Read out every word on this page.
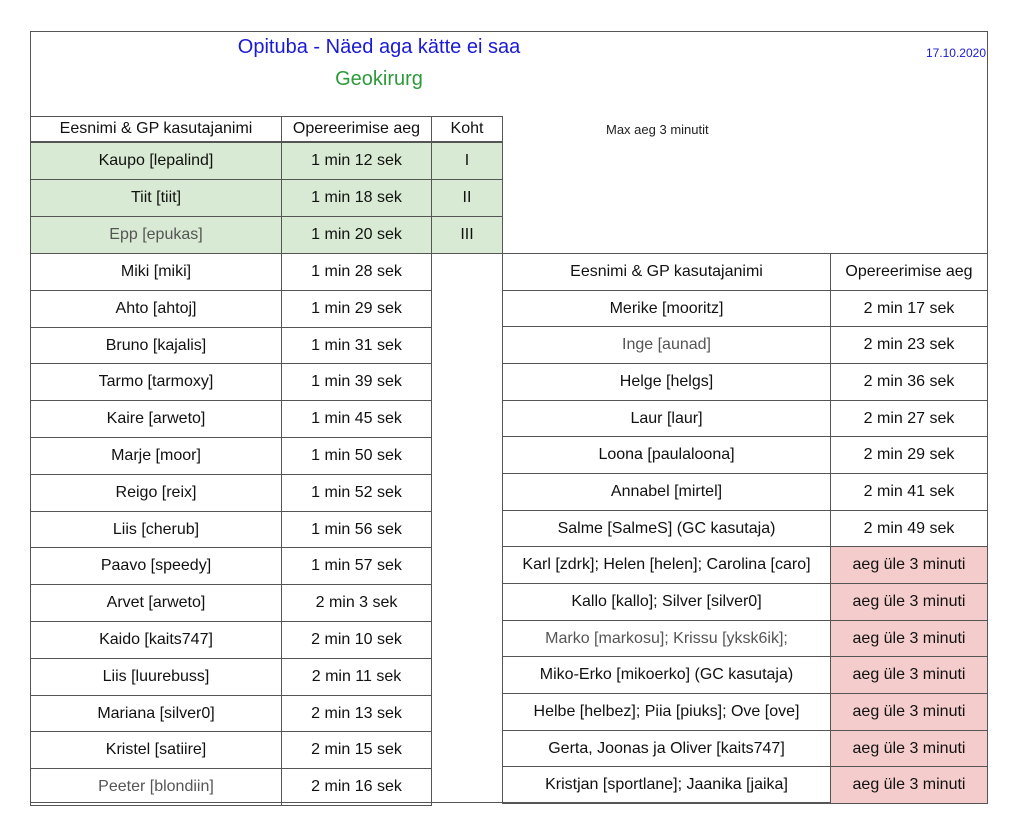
Opituba - Näed aga kätte ei saa
Geokirurg
17.10.2020
Max aeg 3 minutit
Eesnimi & GP kasutajanimi	Opereerimise aeg	Koht
Kaupo [lepalind]	1 min 12 sek	I
Tiit [tiit]	1 min 18 sek	II
Epp [epukas]	1 min 20 sek	III
Miki [miki]	1 min 28 sek
Ahto [ahtoj]	1 min 29 sek
Bruno [kajalis]	1 min 31 sek
Tarmo [tarmoxy]	1 min 39 sek
Kaire [arweto]	1 min 45 sek
Marje [moor]	1 min 50 sek
Reigo [reix]	1 min 52 sek
Liis [cherub]	1 min 56 sek
Paavo [speedy]	1 min 57 sek
Arvet [arweto]	2 min 3 sek
Kaido [kaits747]	2 min 10 sek
Liis [luurebuss]	2 min 11 sek
Mariana [silver0]	2 min 13 sek
Kristel [satiire]	2 min 15 sek
Peeter [blondiin]	2 min 16 sek
Eesnimi & GP kasutajanimi	Opereerimise aeg
Merike [mooritz]	2 min 17 sek
Inge [aunad]	2 min 23 sek
Helge [helgs]	2 min 36 sek
Laur [laur]	2 min 27 sek
Loona [paulaloona]	2 min 29 sek
Annabel [mirtel]	2 min 41 sek
Salme [SalmeS] (GC kasutaja)	2 min 49 sek
Karl [zdrk]; Helen [helen]; Carolina [caro]	aeg üle 3 minuti
Kallo [kallo]; Silver [silver0]	aeg üle 3 minuti
Marko [markosu]; Krissu [yksk6ik];	aeg üle 3 minuti
Miko-Erko [mikoerko] (GC kasutaja)	aeg üle 3 minuti
Helbe [helbez]; Piia [piuks]; Ove [ove]	aeg üle 3 minuti
Gerta, Joonas ja Oliver [kaits747]	aeg üle 3 minuti
Kristjan [sportlane]; Jaanika [jaika]	aeg üle 3 minuti
